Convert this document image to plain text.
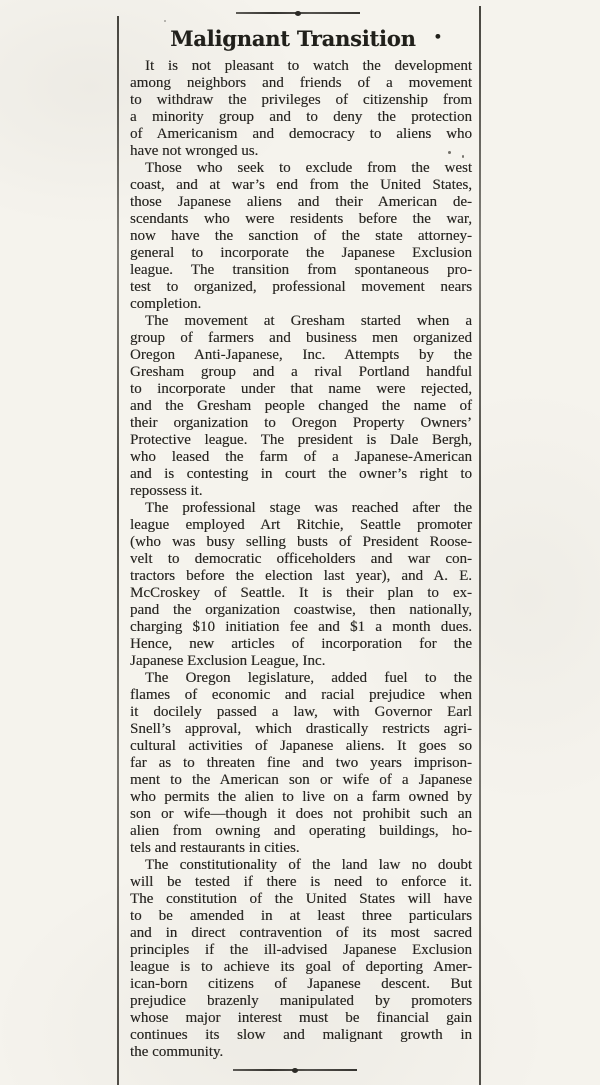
Malignant Transition •

It is not pleasant to watch the development
among neighbors and friends of a movement
to withdraw the privileges of citizenship from
a minority group and to deny the protection
of Americanism and democracy to aliens who
have not wronged us.

Those who seek to exclude from the west
coast, and at war’s end from the United States,
those Japanese aliens and their American de-
scendants who were residents before the war,
now have the sanction of the state attorney-
general to incorporate the Japanese Exclusion
league. The transition from spontaneous pro-
test to organized, professional movement nears
completion.

The movement at Gresham started when a
group of farmers and business men organized
Oregon Anti-Japanese, Inc. Attempts by the
Gresham group and a rival Portland handful
to incorporate under that name were rejected,
and the Gresham people changed the name of
their organization to Oregon Property Owners’
Protective league. The president is Dale Bergh,
who leased the farm of a Japanese-American
and is contesting in court the owner’s right to
repossess it.

The professional stage was reached after the
league employed Art Ritchie, Seattle promoter
(who was busy selling busts of President Roose-
velt to democratic officeholders and war con-
tractors before the election last year), and A. E.
McCroskey of Seattle. It is their plan to ex-
pand the organization coastwise, then nationally,
charging $10 initiation fee and $1 a month dues.
Hence, new articles of incorporation for the
Japanese Exclusion League, Inc.

The Oregon legislature, added fuel to the
flames of economic and racial prejudice when
it docilely passed a law, with Governor Earl
Snell’s approval, which drastically restricts agri-
cultural activities of Japanese aliens. It goes so
far as to threaten fine and two years imprison-
ment to the American son or wife of a Japanese
who permits the alien to live on a farm owned by
son or wife—though it does not prohibit such an
alien from owning and operating buildings, ho-
tels and restaurants in cities.

The constitutionality of the land law no doubt
will be tested if there is need to enforce it.
The constitution of the United States will have
to be amended in at least three particulars
and in direct contravention of its most sacred
principles if the ill-advised Japanese Exclusion
league is to achieve its goal of deporting Amer-
ican-born citizens of Japanese descent. But
prejudice brazenly manipulated by promoters
whose major interest must be financial gain
continues its slow and malignant growth in
the community.
